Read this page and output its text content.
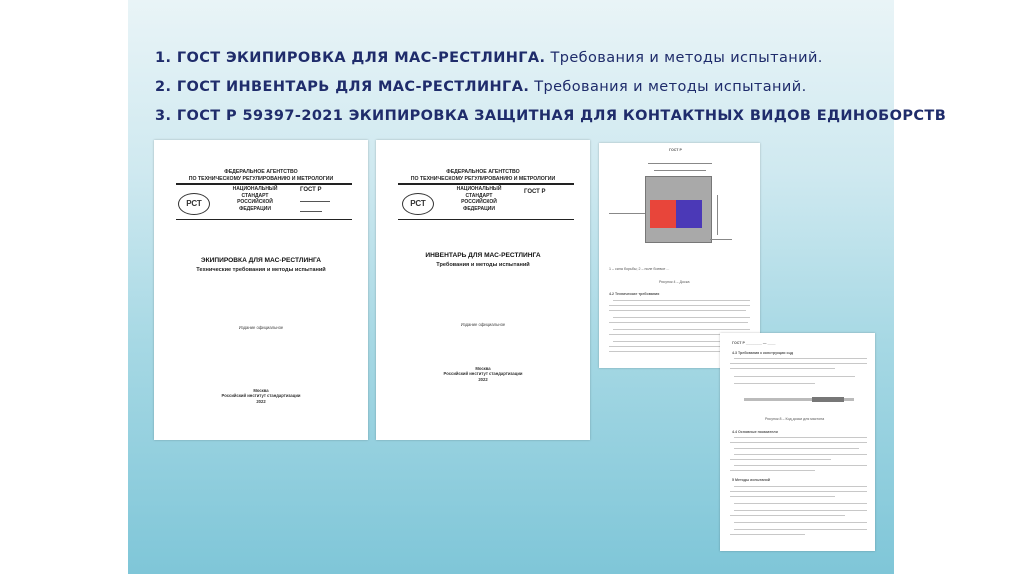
1. ГОСТ ЭКИПИРОВКА ДЛЯ МАС-РЕСТЛИНГА. Требования и методы испытаний.
2. ГОСТ ИНВЕНТАРЬ ДЛЯ МАС-РЕСТЛИНГА. Требования и методы испытаний.
3. ГОСТ Р 59397-2021 ЭКИПИРОВКА ЗАЩИТНАЯ ДЛЯ КОНТАКТНЫХ ВИДОВ ЕДИНОБОРСТВ
ФЕДЕРАЛЬНОЕ АГЕНТСТВО
ПО ТЕХНИЧЕСКОМУ РЕГУЛИРОВАНИЮ И МЕТРОЛОГИИ
РСТ
НАЦИОНАЛЬНЫЙ
СТАНДАРТ
РОССИЙСКОЙ
ФЕДЕРАЦИИ
ГОСТ Р
ЭКИПИРОВКА ДЛЯ МАС-РЕСТЛИНГА
Технические требования и методы испытаний
Издание официальное
Москва
Российский институт стандартизации
2022
ФЕДЕРАЛЬНОЕ АГЕНТСТВО
ПО ТЕХНИЧЕСКОМУ РЕГУЛИРОВАНИЮ И МЕТРОЛОГИИ
РСТ
НАЦИОНАЛЬНЫЙ
СТАНДАРТ
РОССИЙСКОЙ
ФЕДЕРАЦИИ
ГОСТ Р
ИНВЕНТАРЬ ДЛЯ МАС-РЕСТЛИНГА
Требования и методы испытаний
Издание официальное
Москва
Российский институт стандартизации
2022
ГОСТ Р
1 – сила борьбы; 2 – поле боевое ...
Рисунок 4 – Доска
4.2 Технические требования
ГОСТ Р ________ — ____
4.3 Требования к конструкции сцд
Рисунок 8 – Код доски для мастона
4.4 Основные показатели
5 Методы испытаний
